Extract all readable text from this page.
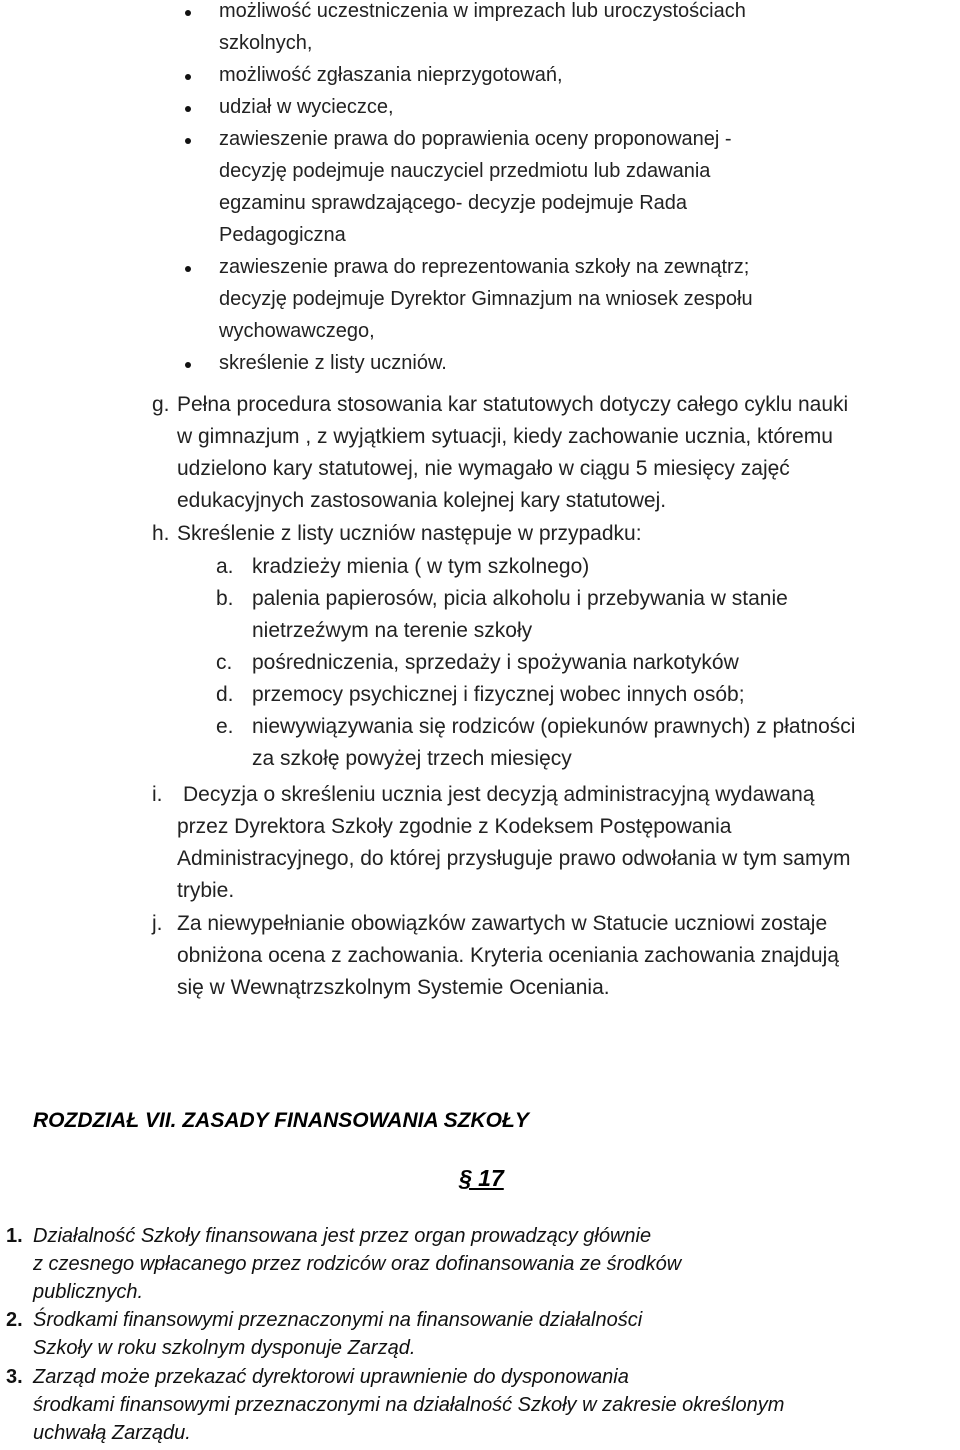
możliwość uczestniczenia w imprezach lub uroczystościach
szkolnych,
możliwość zgłaszania nieprzygotowań,
udział w wycieczce,
zawieszenie prawa do poprawienia oceny proponowanej -
decyzję podejmuje nauczyciel przedmiotu lub zdawania
egzaminu sprawdzającego- decyzje podejmuje Rada
Pedagogiczna
zawieszenie prawa do reprezentowania szkoły na zewnątrz;
decyzję podejmuje Dyrektor Gimnazjum na wniosek zespołu
wychowawczego,
skreślenie z listy uczniów.
g. Pełna procedura stosowania kar statutowych dotyczy całego cyklu nauki
w gimnazjum , z wyjątkiem sytuacji, kiedy zachowanie ucznia, któremu
udzielono kary statutowej, nie wymagało w ciągu 5 miesięcy zajęć
edukacyjnych zastosowania kolejnej kary statutowej.
h. Skreślenie z listy uczniów następuje w przypadku:
a. kradzieży mienia ( w tym szkolnego)
b. palenia papierosów, picia alkoholu i przebywania w stanie
nietrzeźwym na terenie szkoły
c. pośredniczenia, sprzedaży i spożywania narkotyków
d. przemocy psychicznej i fizycznej wobec innych osób;
e. niewywiązywania się rodziców (opiekunów prawnych) z płatności
za szkołę powyżej trzech miesięcy
i. Decyzja o skreśleniu ucznia jest decyzją administracyjną wydawaną
przez Dyrektora Szkoły zgodnie z Kodeksem Postępowania
Administracyjnego, do której przysługuje prawo odwołania w tym samym
trybie.
j. Za niewypełnianie obowiązków zawartych w Statucie uczniowi zostaje
obniżona ocena z zachowania. Kryteria oceniania zachowania znajdują
się w Wewnątrzszkolnym Systemie Oceniania.
ROZDZIAŁ VII. ZASADY FINANSOWANIA SZKOŁY
§ 17
1. Działalność Szkoły finansowana jest przez organ prowadzący głównie
z czesnego wpłacanego przez rodziców oraz dofinansowania ze środków
publicznych.
2. Środkami finansowymi przeznaczonymi na finansowanie działalności
Szkoły w roku szkolnym dysponuje Zarząd.
3. Zarząd może przekazać dyrektorowi uprawnienie do dysponowania
środkami finansowymi przeznaczonymi na działalność Szkoły w zakresie określonym
uchwałą Zarządu.
